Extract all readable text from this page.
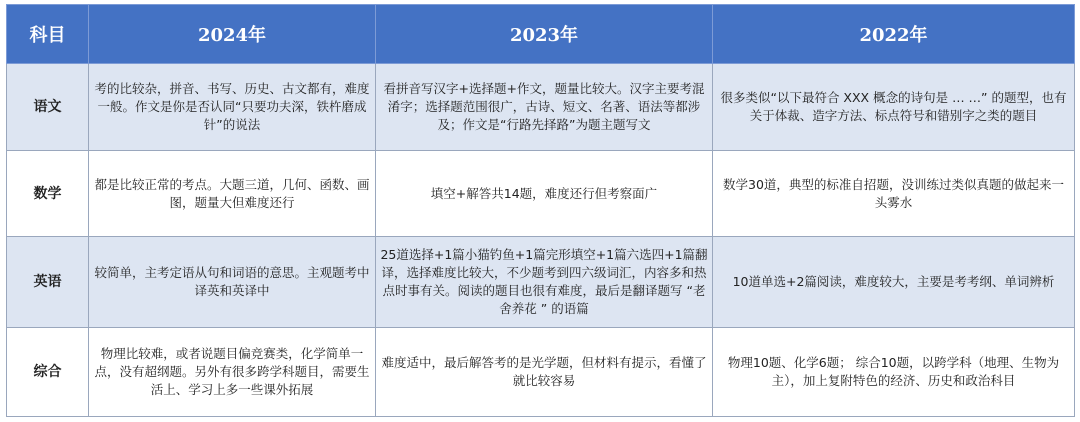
科目	2024年	2023年	2022年
语文	考的比较杂，拼音、书写、历史、古文都有，难度一般。作文是你是否认同“只要功夫深，铁杵磨成针”的说法	看拼音写汉字+选择题+作文，题量比较大。汉字主要考混淆字；选择题范围很广，古诗、短文、名著、语法等都涉及；作文是“行路先择路”为题主题写文	很多类似“以下最符合 XXX 概念的诗句是 … …” 的题型，也有关于体裁、造字方法、标点符号和错别字之类的题目
数学	都是比较正常的考点。大题三道，几何、函数、画图，题量大但难度还行	填空+解答共14题，难度还行但考察面广	数学30道，典型的标准自招题，没训练过类似真题的做起来一头雾水
英语	较简单，主考定语从句和词语的意思。主观题考中译英和英译中	25道选择+1篇小猫钓鱼+1篇完形填空+1篇六选四+1篇翻译，选择难度比较大，不少题考到四六级词汇，内容多和热点时事有关。阅读的题目也很有难度，最后是翻译题写 “老舍养花 ” 的语篇	10道单选+2篇阅读，难度较大，主要是考考纲、单词辨析
综合	物理比较难，或者说题目偏竞赛类，化学简单一点，没有超纲题。另外有很多跨学科题目，需要生活上、学习上多一些课外拓展	难度适中，最后解答考的是光学题，但材料有提示，看懂了就比较容易	物理10题、化学6题； 综合10题，以跨学科（地理、生物为主），加上复附特色的经济、历史和政治科目
